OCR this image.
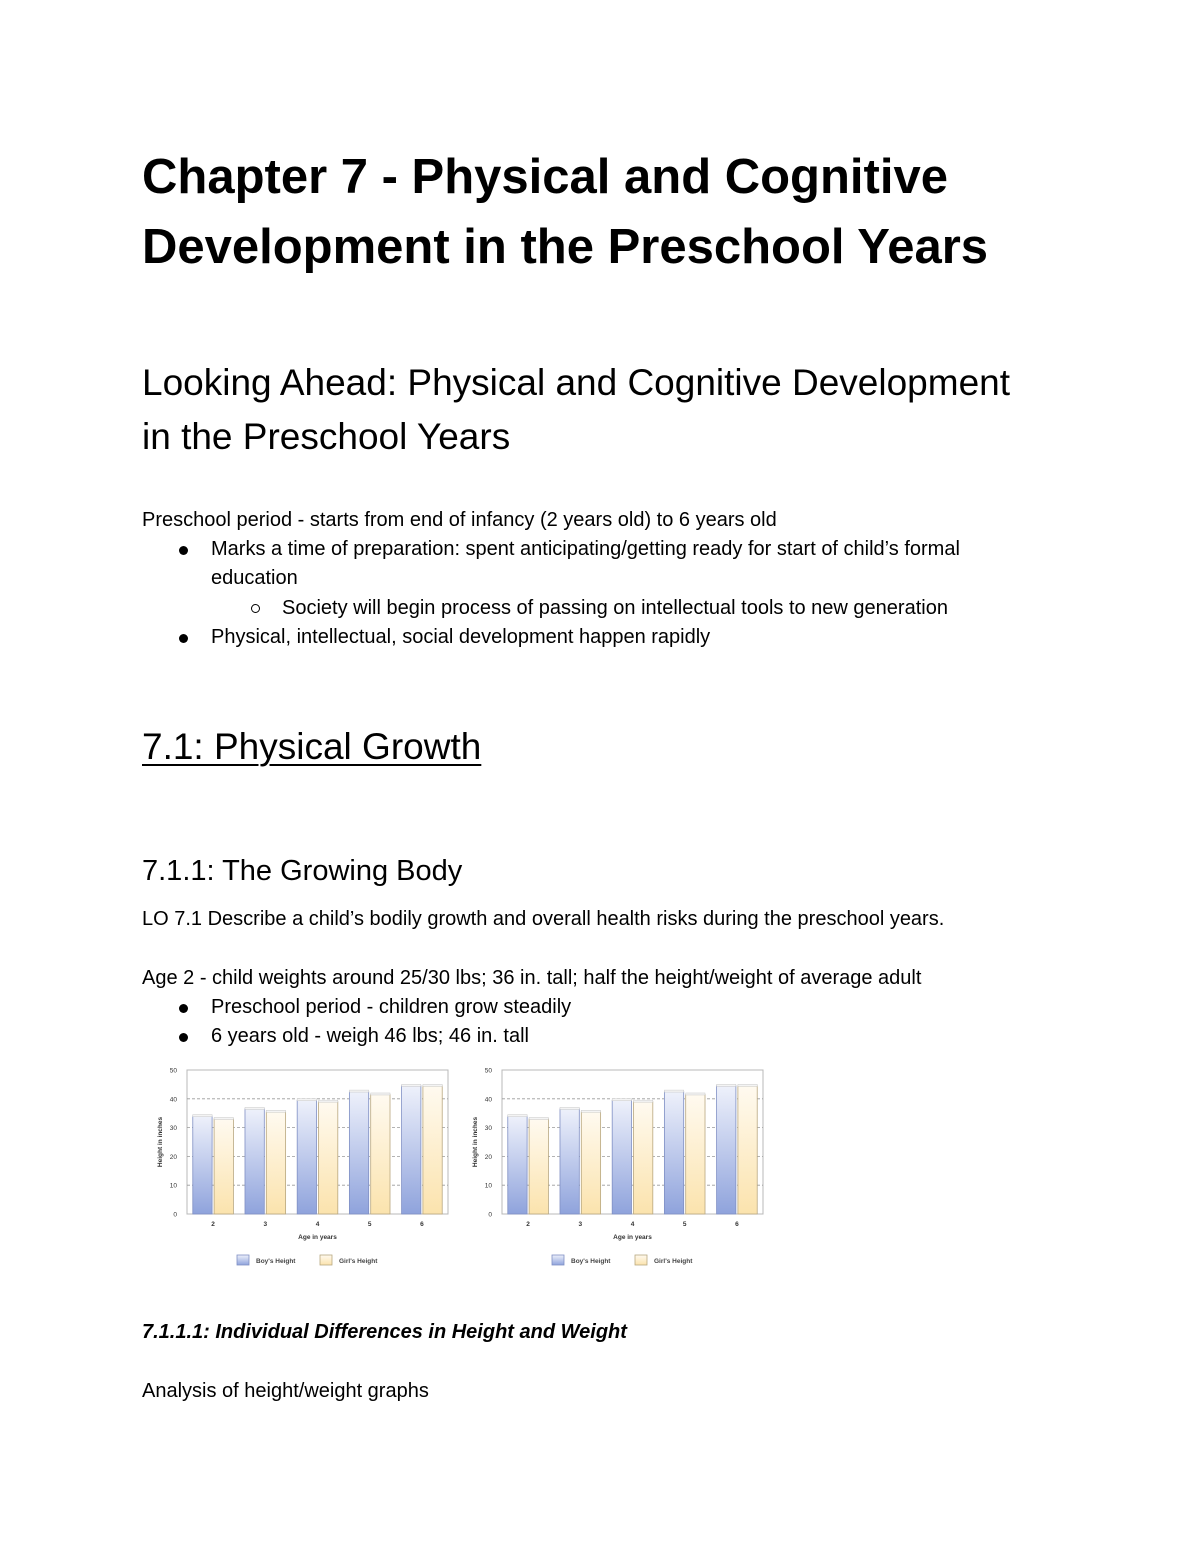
Chapter 7 - Physical and Cognitive Development in the Preschool Years
Looking Ahead: Physical and Cognitive Development in the Preschool Years

Preschool period - starts from end of infancy (2 years old) to 6 years old

Marks a time of preparation: spent anticipating/getting ready for start of child’s formal education
Society will begin process of passing on intellectual tools to new generation
Physical, intellectual, social development happen rapidly
7.1: Physical Growth
7.1.1: The Growing Body

LO 7.1 Describe a child’s bodily growth and overall health risks during the preschool years.

Age 2 - child weights around 25/30 lbs; 36 in. tall; half the height/weight of average adult

Preschool period - children grow steadily
6 years old - weigh 46 lbs; 46 in. tall
0
10
20
30
40
50
Height in inches
Age in years
2	3	4	5	6
Boy's Height	Girl's Height
0
10
20
30
40
50
Height in inches
Age in years
2	3	4	5	6
Boy's Height	Girl's Height
7.1.1.1: Individual Differences in Height and Weight

Analysis of height/weight graphs
